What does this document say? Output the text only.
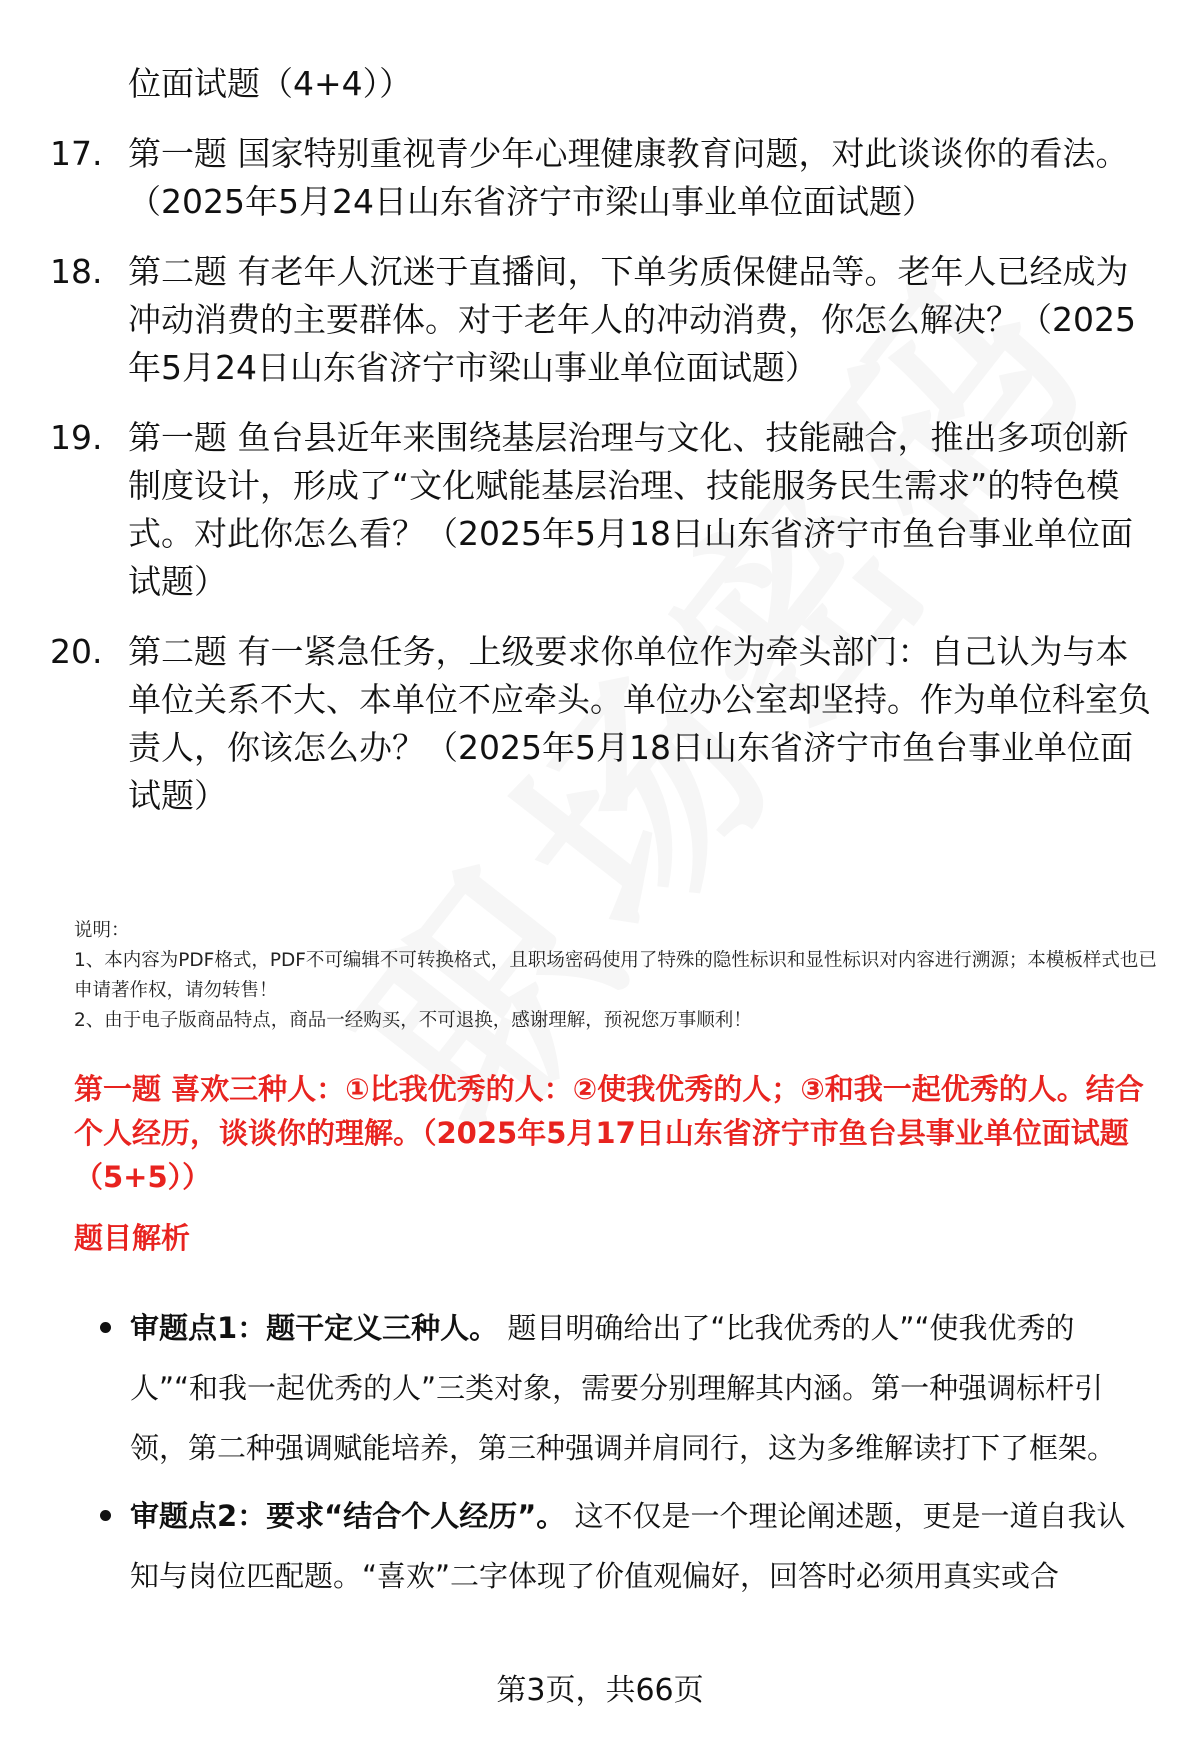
位面试题（4+4））
17. 第一题 国家特别重视青少年心理健康教育问题，对此谈谈你的看法。（2025年5月24日山东省济宁市梁山事业单位面试题）
18. 第二题 有老年人沉迷于直播间，下单劣质保健品等。老年人已经成为冲动消费的主要群体。对于老年人的冲动消费，你怎么解决？（2025年5月24日山东省济宁市梁山事业单位面试题）
19. 第一题 鱼台县近年来围绕基层治理与文化、技能融合，推出多项创新制度设计，形成了“文化赋能基层治理、技能服务民生需求”的特色模式。对此你怎么看？（2025年5月18日山东省济宁市鱼台事业单位面试题）
20. 第二题 有一紧急任务，上级要求你单位作为牵头部门：自己认为与本单位关系不大、本单位不应牵头。单位办公室却坚持。作为单位科室负责人，你该怎么办？（2025年5月18日山东省济宁市鱼台事业单位面试题）
说明：
1、本内容为PDF格式，PDF不可编辑不可转换格式，且职场密码使用了特殊的隐性标识和显性标识对内容进行溯源；本模板样式也已申请著作权，请勿转售！
2、由于电子版商品特点，商品一经购买，不可退换，感谢理解，预祝您万事顺利！
第一题 喜欢三种人：①比我优秀的人：②使我优秀的人；③和我一起优秀的人。结合个人经历，谈谈你的理解。（2025年5月17日山东省济宁市鱼台县事业单位面试题（5+5））
题目解析
审题点1：题干定义三种人。 题目明确给出了“比我优秀的人”“使我优秀的人”“和我一起优秀的人”三类对象，需要分别理解其内涵。第一种强调标杆引领，第二种强调赋能培养，第三种强调并肩同行，这为多维解读打下了框架。
审题点2：要求“结合个人经历”。 这不仅是一个理论阐述题，更是一道自我认知与岗位匹配题。“喜欢”二字体现了价值观偏好，回答时必须用真实或合
第3页，共66页
